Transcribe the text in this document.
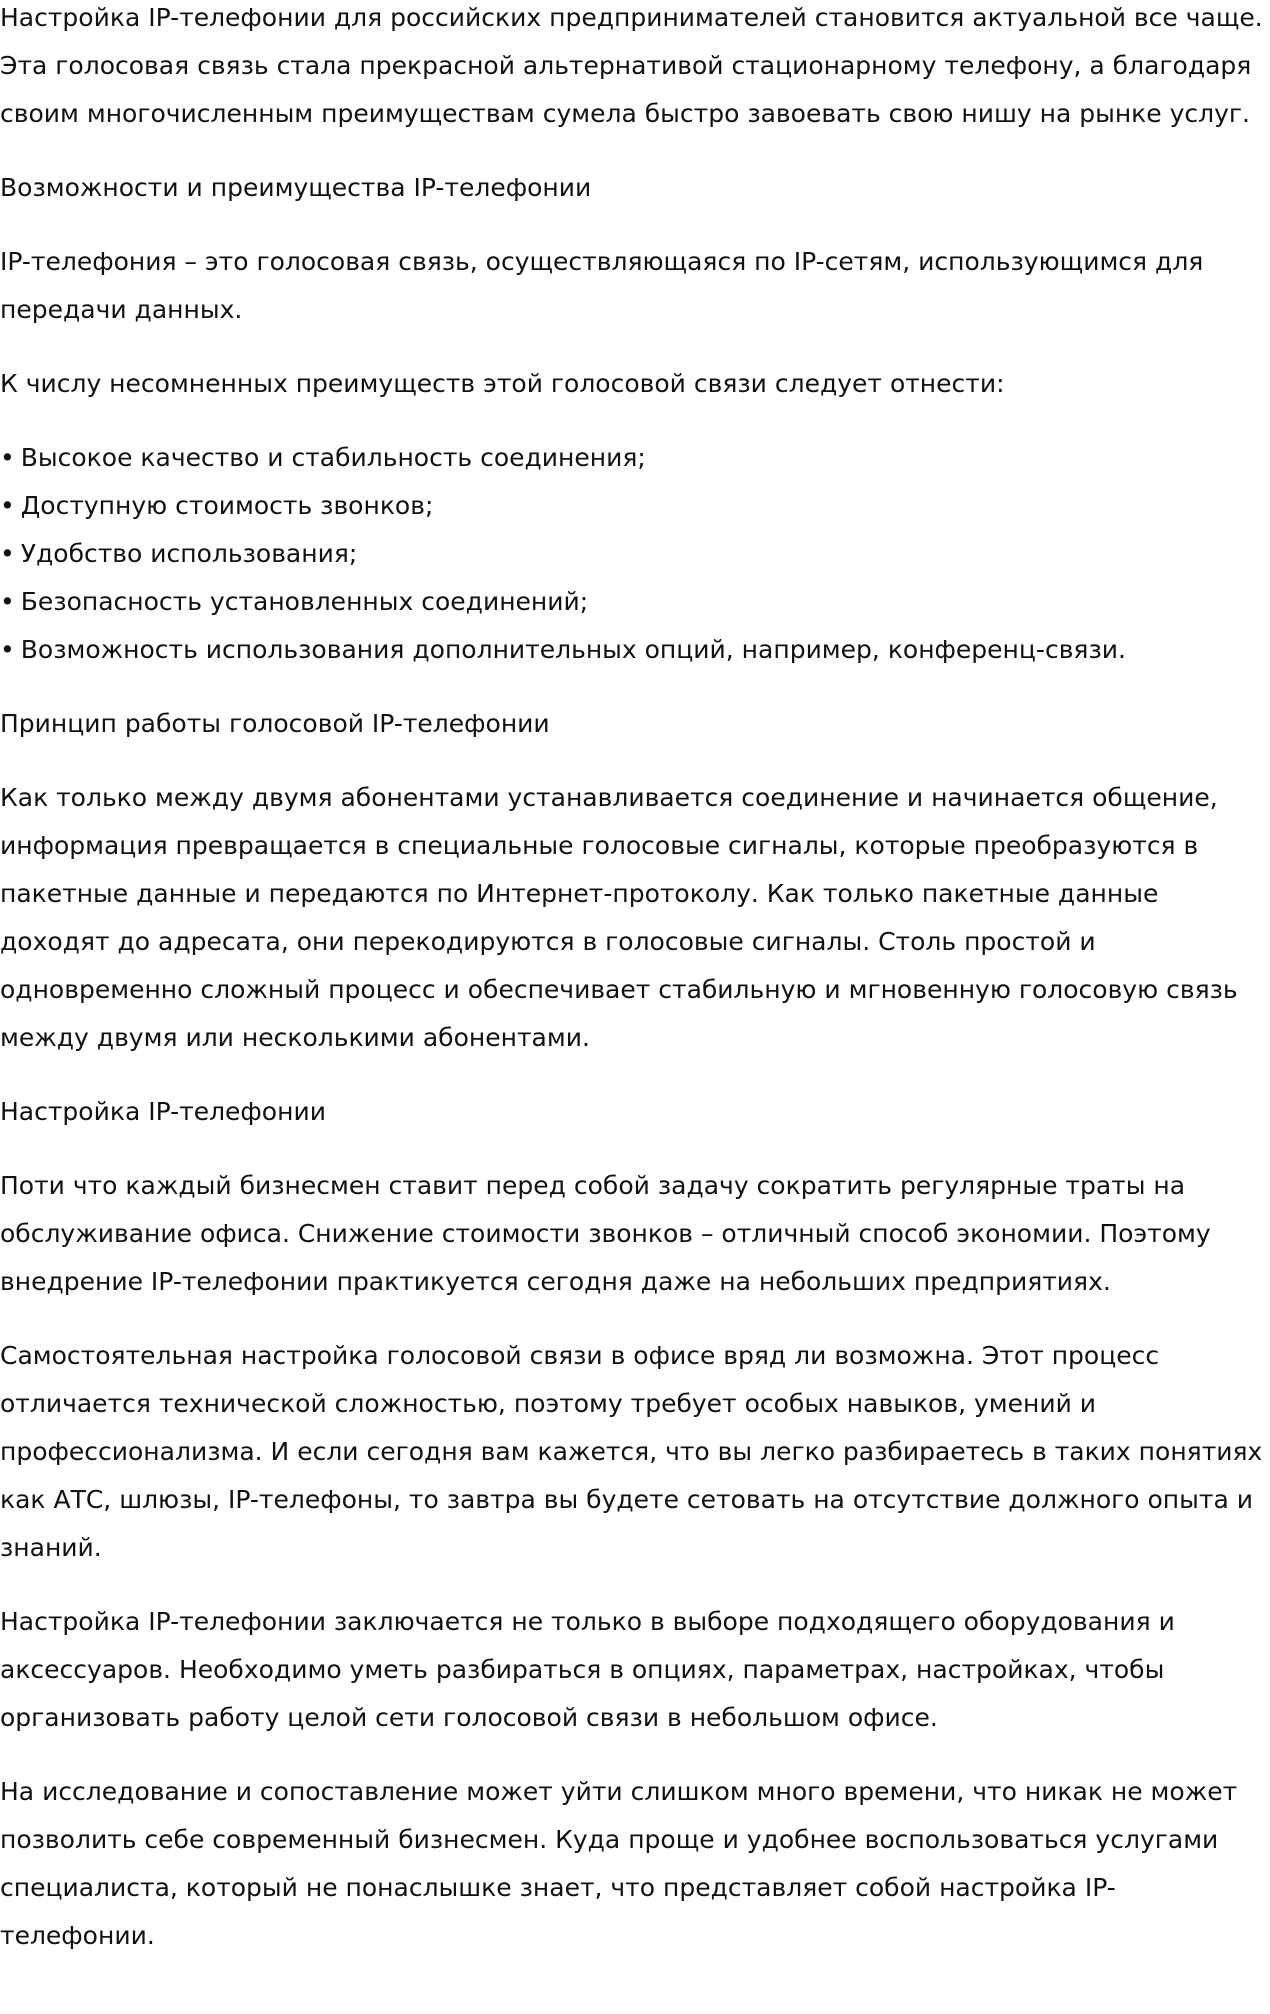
Настройка IP-телефонии для российских предпринимателей становится актуальной все чаще. Эта голосовая связь стала прекрасной альтернативой стационарному телефону, а благодаря своим многочисленным преимуществам сумела быстро завоевать свою нишу на рынке услуг.

Возможности и преимущества IP-телефонии

IP-телефония – это голосовая связь, осуществляющаяся по IP-сетям, использующимся для передачи данных.

К числу несомненных преимуществ этой голосовой связи следует отнести:

• Высокое качество и стабильность соединения;
• Доступную стоимость звонков;
• Удобство использования;
• Безопасность установленных соединений;
• Возможность использования дополнительных опций, например, конференц-связи.

Принцип работы голосовой IP-телефонии

Как только между двумя абонентами устанавливается соединение и начинается общение, информация превращается в специальные голосовые сигналы, которые преобразуются в пакетные данные и передаются по Интернет-протоколу. Как только пакетные данные доходят до адресата, они перекодируются в голосовые сигналы. Столь простой и одновременно сложный процесс и обеспечивает стабильную и мгновенную голосовую связь между двумя или несколькими абонентами.

Настройка IP-телефонии

Поти что каждый бизнесмен ставит перед собой задачу сократить регулярные траты на обслуживание офиса. Снижение стоимости звонков – отличный способ экономии. Поэтому внедрение IP-телефонии практикуется сегодня даже на небольших предприятиях.

Самостоятельная настройка голосовой связи в офисе вряд ли возможна. Этот процесс отличается технической сложностью, поэтому требует особых навыков, умений и профессионализма. И если сегодня вам кажется, что вы легко разбираетесь в таких понятиях как АТС, шлюзы, IP-телефоны, то завтра вы будете сетовать на отсутствие должного опыта и знаний.

Настройка IP-телефонии заключается не только в выборе подходящего оборудования и аксессуаров. Необходимо уметь разбираться в опциях, параметрах, настройках, чтобы организовать работу целой сети голосовой связи в небольшом офисе.

На исследование и сопоставление может уйти слишком много времени, что никак не может позволить себе современный бизнесмен. Куда проще и удобнее воспользоваться услугами специалиста, который не понаслышке знает, что представляет собой настройка IP-телефонии.
